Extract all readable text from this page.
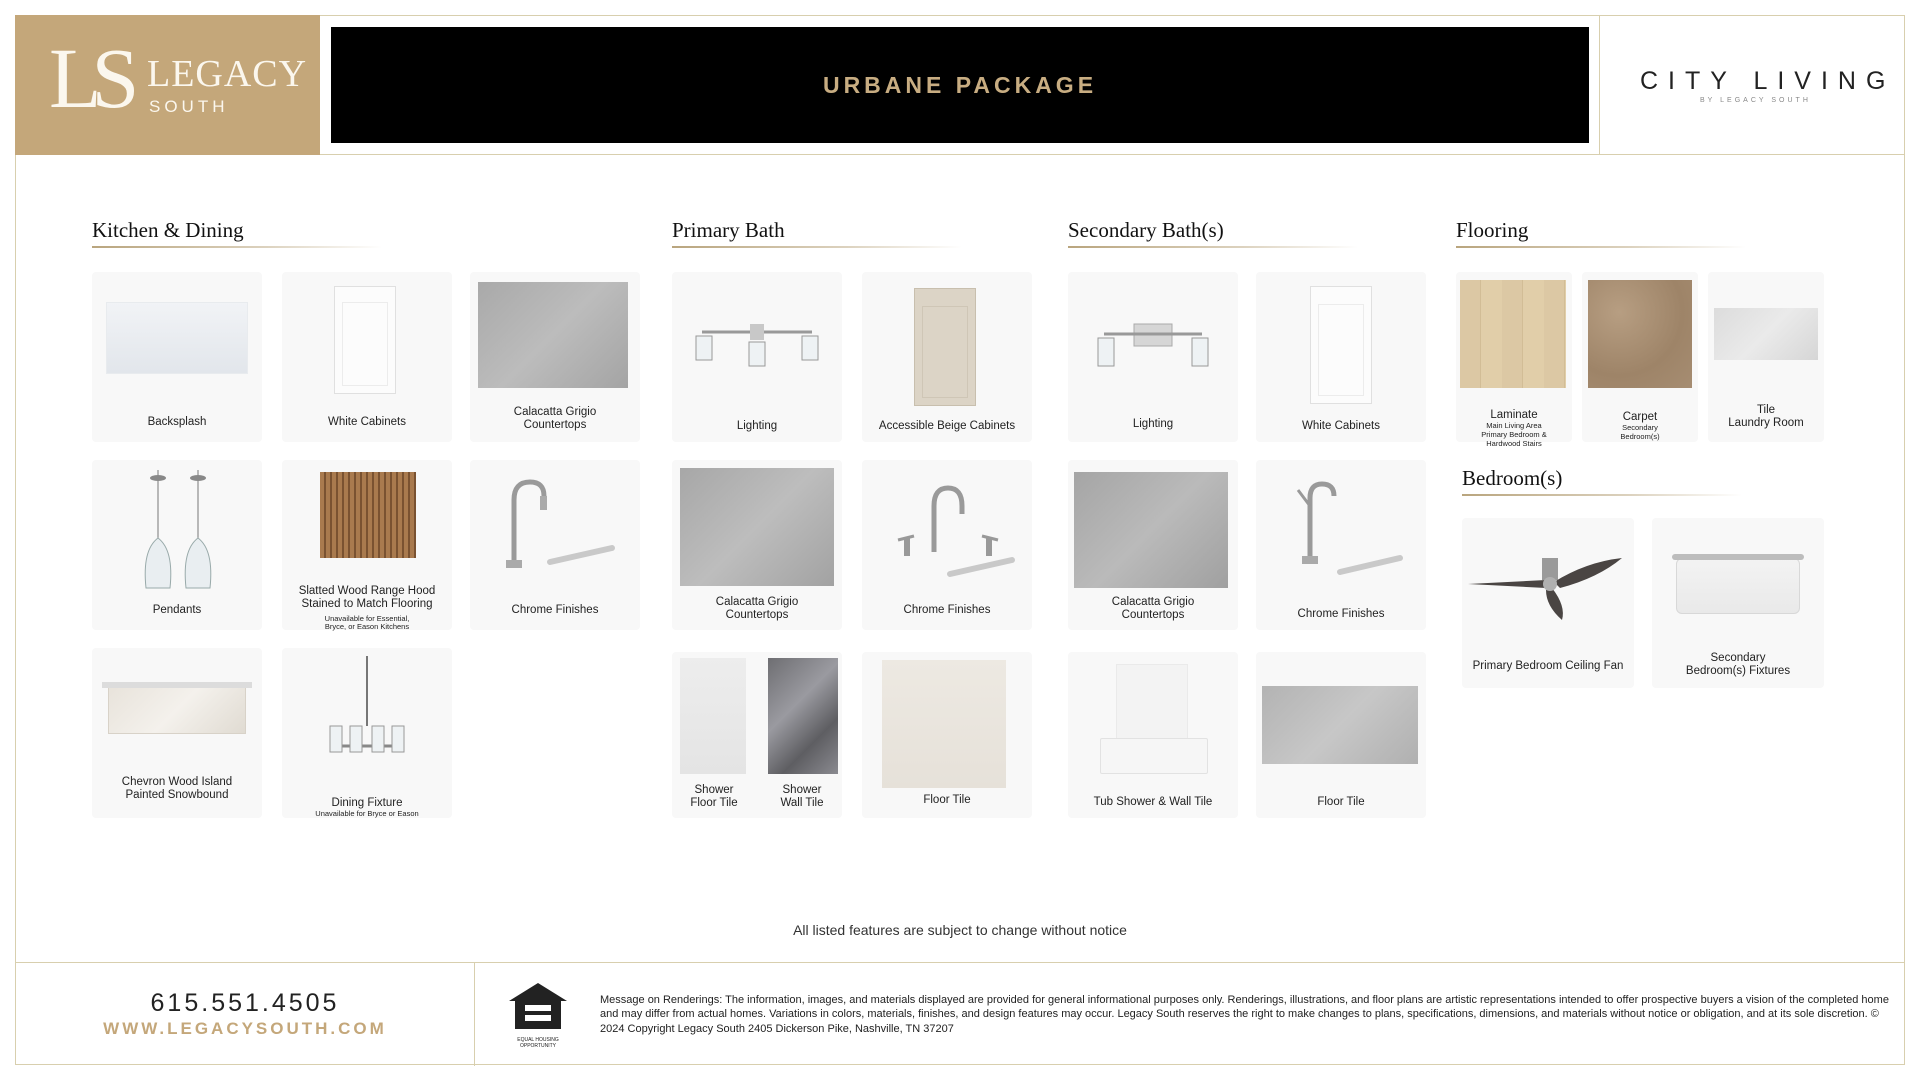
LS LEGACY
SOUTH
URBANE PACKAGE	CITY LIVING
BY LEGACY SOUTH
Kitchen & Dining
Backsplash	White Cabinets
Calacatta Grigio
Countertops
Pendants

Slatted Wood Range Hood
Stained to Match Flooring

Unavailable for Essential,
Bryce, or Eason Kitchens

Chrome Finishes
Chevron Wood Island
Painted Snowbound

Dining Fixture

Unavailable for Bryce or Eason

Primary Bath
Lighting	Accessible Beige Cabinets
Calacatta Grigio
Countertops	Chrome Finishes
Shower
Floor Tile
Shower
Wall Tile	Floor Tile
Secondary Bath(s)
Lighting	White Cabinets
Calacatta Grigio
Countertops	Chrome Finishes
Tub Shower & Wall Tile	Floor Tile
Flooring

Laminate

Main Living Area
Primary Bedroom &
Hardwood Stairs

Carpet

Secondary
Bedroom(s)

Tile
Laundry Room
Bedroom(s)
Primary Bedroom Ceiling Fan
Secondary
Bedroom(s) Fixtures
All listed features are subject to change without notice
615.551.4505
WWW.LEGACYSOUTH.COM
EQUAL HOUSING
OPPORTUNITY
Message on Renderings: The information, images, and materials displayed are provided for general informational purposes only. Renderings, illustrations, and floor plans are artistic representations intended to offer prospective buyers a vision of the completed home and may differ from actual homes. Variations in colors, materials, finishes, and design features may occur. Legacy South reserves the right to make changes to plans, specifications, dimensions, and materials without notice or obligation, and at its sole discretion. © 2024 Copyright Legacy South 2405 Dickerson Pike, Nashville, TN 37207
